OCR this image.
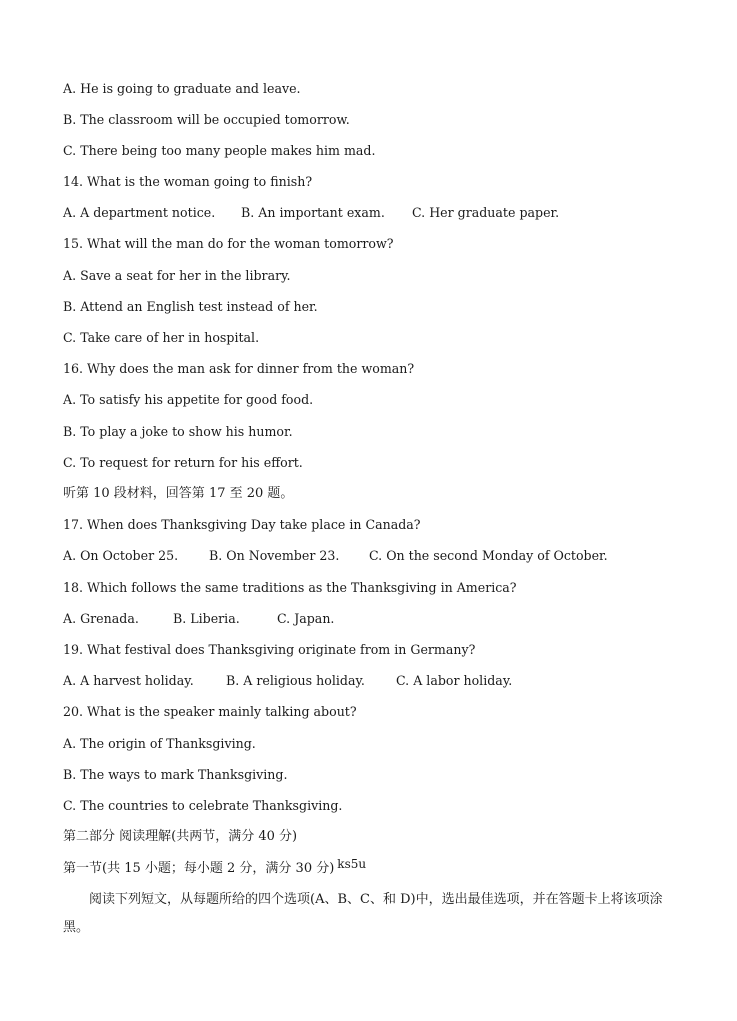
A. He is going to graduate and leave.
B. The classroom will be occupied tomorrow.
C. There being too many people makes him mad.
14. What is the woman going to finish?
A. A department notice. B. An important exam. C. Her graduate paper.
15. What will the man do for the woman tomorrow?
A. Save a seat for her in the library.
B. Attend an English test instead of her.
C. Take care of her in hospital.
16. Why does the man ask for dinner from the woman?
A. To satisfy his appetite for good food.
B. To play a joke to show his humor.
C. To request for return for his effort.
听第 10 段材料，回答第 17 至 20 题。
17. When does Thanksgiving Day take place in Canada?
A. On October 25. B. On November 23. C. On the second Monday of October.
18. Which follows the same traditions as the Thanksgiving in America?
A. Grenada.	B. Liberia.	C. Japan.
19. What festival does Thanksgiving originate from in Germany?
A. A harvest holiday.	B. A religious holiday. C. A labor holiday.
20. What is the speaker mainly talking about?
A. The origin of Thanksgiving.
B. The ways to mark Thanksgiving.
C. The countries to celebrate Thanksgiving.
第二部分 阅读理解(共两节，满分 40 分)
第一节(共 15 小题；每小题 2 分，满分 30 分) ks5u
阅读下列短文，从每题所给的四个选项(A、B、C、和 D)中，选出最佳选项，并在答题卡上将该项涂黑。
